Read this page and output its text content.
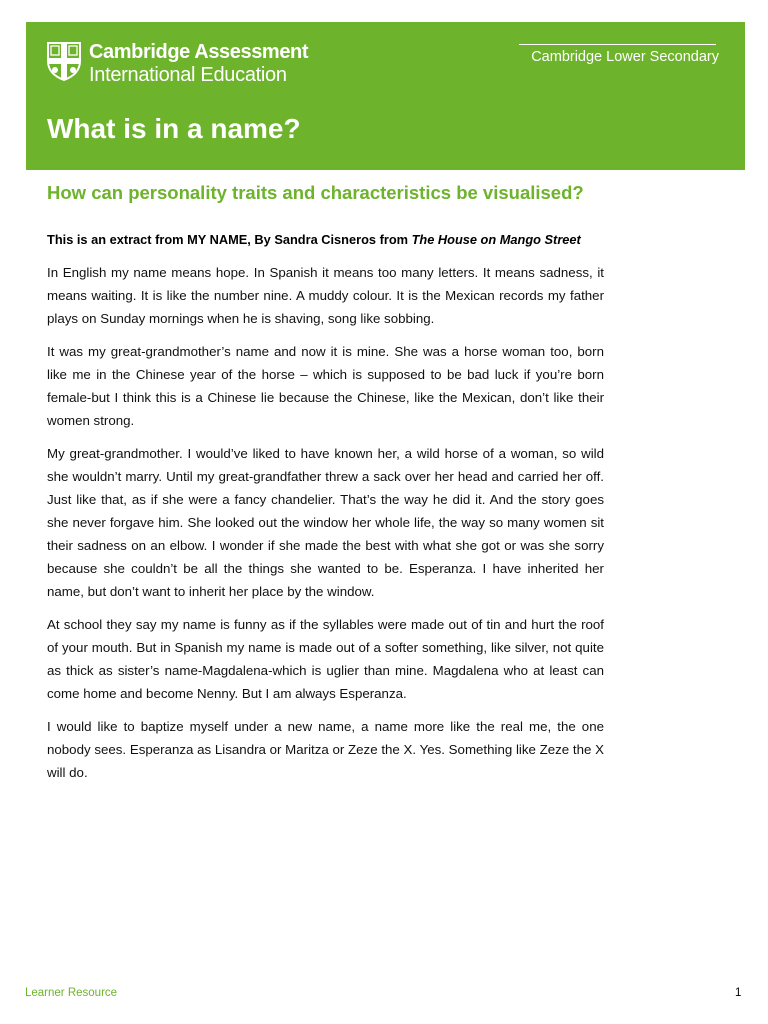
Cambridge Assessment
International Education
Cambridge Lower Secondary
What is in a name?
How can personality traits and characteristics be visualised?

This is an extract from MY NAME, By Sandra Cisneros from The House on Mango Street

In English my name means hope. In Spanish it means too many letters. It means sadness, it means waiting. It is like the number nine. A muddy colour. It is the Mexican records my father plays on Sunday mornings when he is shaving, song like sobbing.

It was my great-grandmother’s name and now it is mine. She was a horse woman too, born like me in the Chinese year of the horse – which is supposed to be bad luck if you’re born female-but I think this is a Chinese lie because the Chinese, like the Mexican, don’t like their women strong.

My great-grandmother. I would’ve liked to have known her, a wild horse of a woman, so wild she wouldn’t marry. Until my great-grandfather threw a sack over her head and carried her off. Just like that, as if she were a fancy chandelier. That’s the way he did it. And the story goes she never forgave him. She looked out the window her whole life, the way so many women sit their sadness on an elbow. I wonder if she made the best with what she got or was she sorry because she couldn’t be all the things she wanted to be. Esperanza. I have inherited her name, but don’t want to inherit her place by the window.

At school they say my name is funny as if the syllables were made out of tin and hurt the roof of your mouth. But in Spanish my name is made out of a softer something, like silver, not quite as thick as sister’s name-Magdalena-which is uglier than mine. Magdalena who at least can come home and become Nenny. But I am always Esperanza.

I would like to baptize myself under a new name, a name more like the real me, the one nobody sees. Esperanza as Lisandra or Maritza or Zeze the X. Yes. Something like Zeze the X will do.

Learner Resource	1
